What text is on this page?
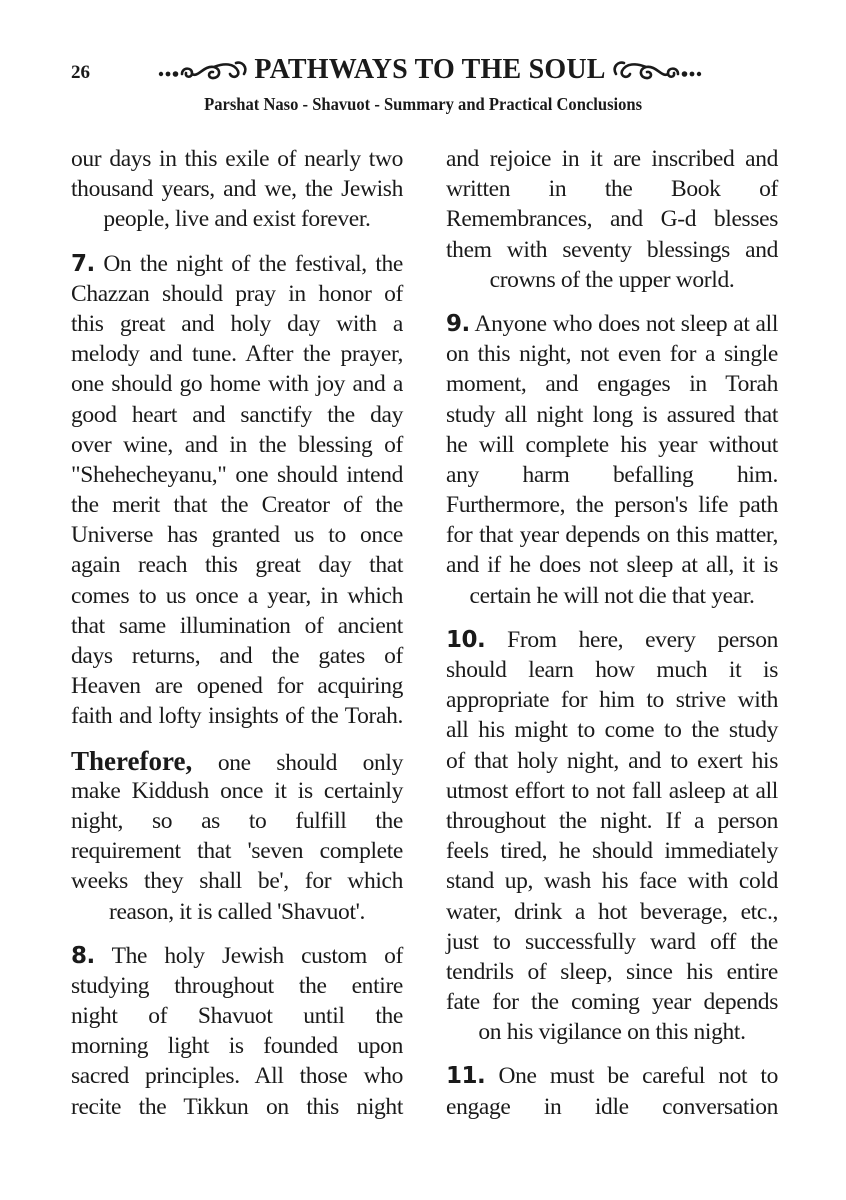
26	PATHWAYS TO THE SOUL
Parshat Naso - Shavuot - Summary and Practical Conclusions
our days in this exile of nearly two
thousand years, and we, the Jewish
people, live and exist forever.
7. On the night of the festival, the
Chazzan should pray in honor of
this great and holy day with a
melody and tune. After the prayer,
one should go home with joy and a
good heart and sanctify the day
over wine, and in the blessing of
"Shehecheyanu," one should intend
the merit that the Creator of the
Universe has granted us to once
again reach this great day that
comes to us once a year, in which
that same illumination of ancient
days returns, and the gates of
Heaven are opened for acquiring
faith and lofty insights of the Torah.
Therefore, one should only
make Kiddush once it is certainly
night, so as to fulfill the
requirement that 'seven complete
weeks they shall be', for which
reason, it is called 'Shavuot'.
8. The holy Jewish custom of
studying throughout the entire
night of Shavuot until the
morning light is founded upon
sacred principles. All those who
recite the Tikkun on this night
and rejoice in it are inscribed and
written in the Book of
Remembrances, and G-d blesses
them with seventy blessings and
crowns of the upper world.
9. Anyone who does not sleep at all
on this night, not even for a single
moment, and engages in Torah
study all night long is assured that
he will complete his year without
any harm befalling him.
Furthermore, the person's life path
for that year depends on this matter,
and if he does not sleep at all, it is
certain he will not die that year.
10. From here, every person
should learn how much it is
appropriate for him to strive with
all his might to come to the study
of that holy night, and to exert his
utmost effort to not fall asleep at all
throughout the night. If a person
feels tired, he should immediately
stand up, wash his face with cold
water, drink a hot beverage, etc.,
just to successfully ward off the
tendrils of sleep, since his entire
fate for the coming year depends
on his vigilance on this night.
11. One must be careful not to
engage in idle conversation
